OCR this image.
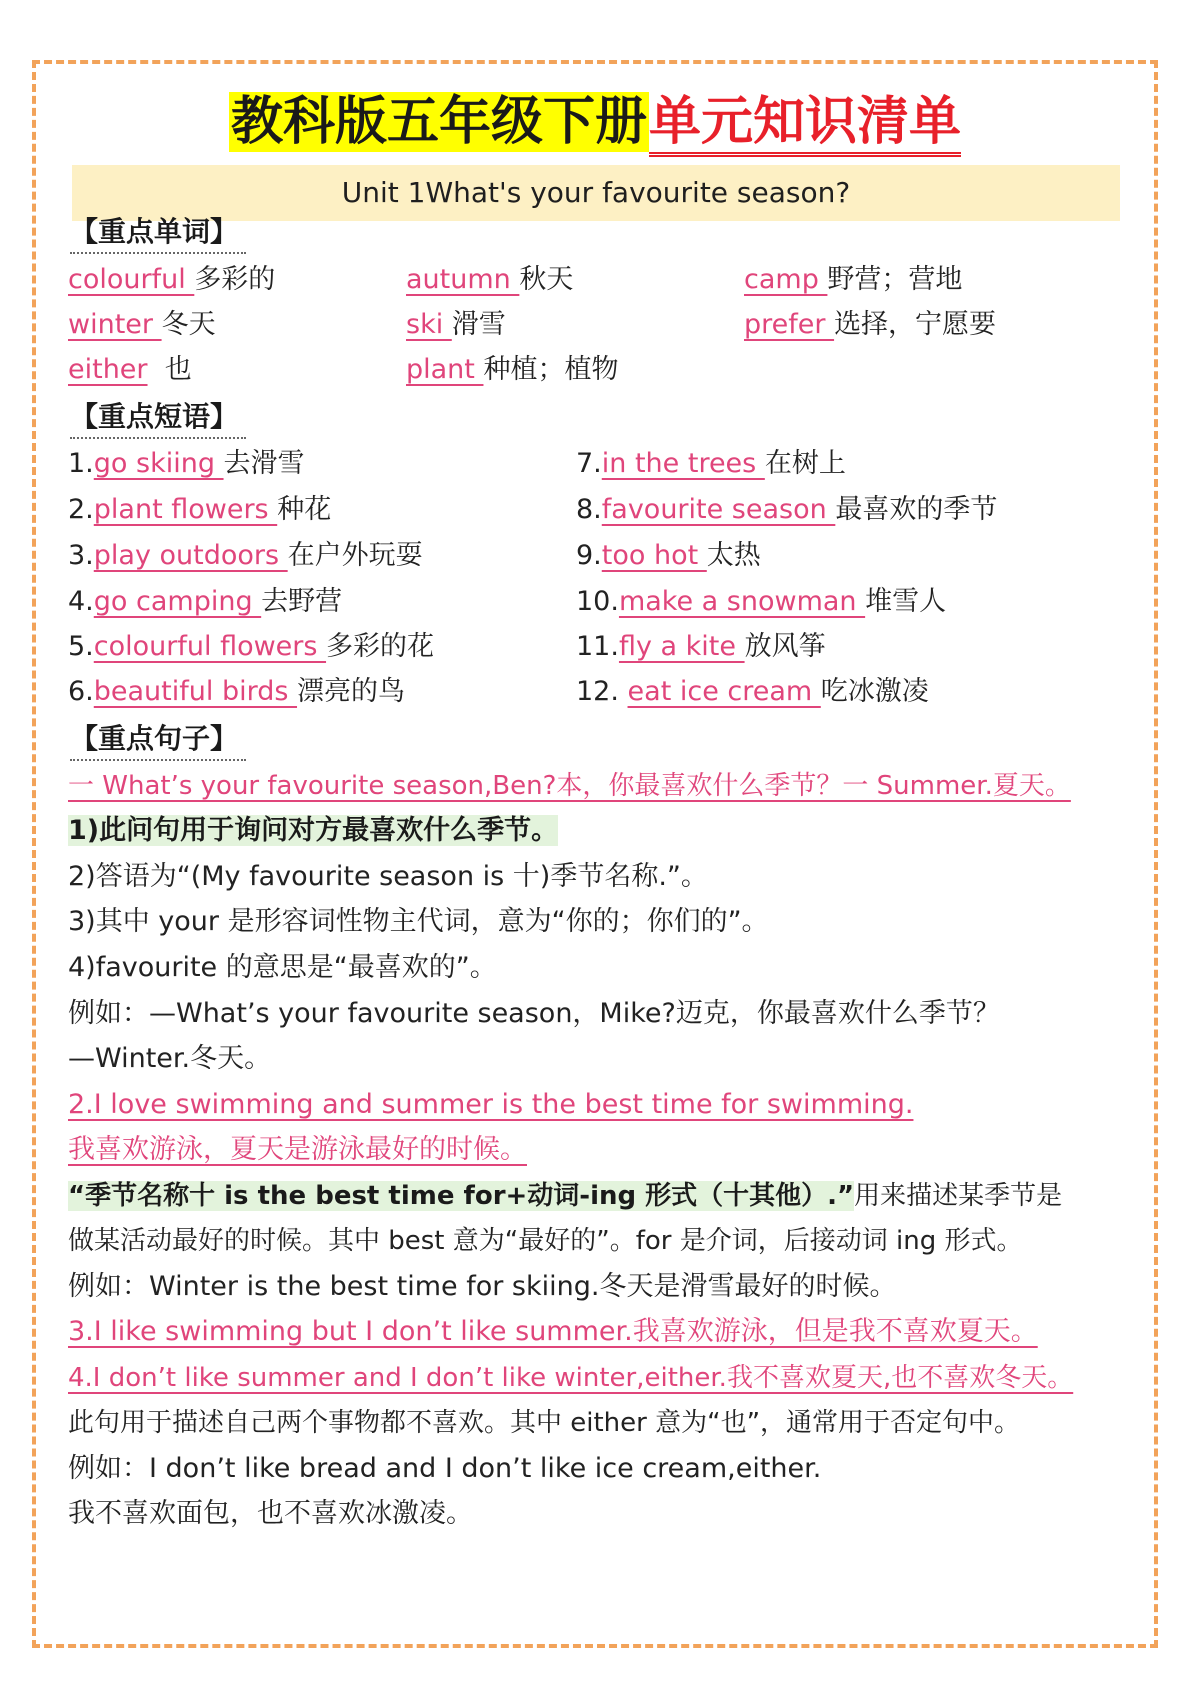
教科版五年级下册单元知识清单
Unit 1What's your favourite season?
【重点单词】
colourful 多彩的	autumn 秋天	camp 野营；营地
winter 冬天	ski 滑雪	prefer 选择，宁愿要
either  也	plant 种植；植物
【重点短语】
1.go skiing 去滑雪
2.plant flowers 种花
3.play outdoors 在户外玩耍
4.go camping 去野营
5.colourful flowers 多彩的花
6.beautiful birds 漂亮的鸟
7.in the trees 在树上
8.favourite season 最喜欢的季节
9.too hot 太热
10.make a snowman 堆雪人
11.fly a kite 放风筝
12. eat ice cream 吃冰激凌
【重点句子】
一 What’s your favourite season,Ben?本，你最喜欢什么季节？一 Summer.夏天。
1)此问句用于询问对方最喜欢什么季节。
2)答语为“(My favourite season is 十)季节名称.”。
3)其中 your 是形容词性物主代词，意为“你的；你们的”。
4)favourite 的意思是“最喜欢的”。
例如：—What’s your favourite season，Mike?迈克，你最喜欢什么季节？
—Winter.冬天。
2.I love swimming and summer is the best time for swimming.
我喜欢游泳，夏天是游泳最好的时候。
“季节名称十 is the best time for+动词-ing 形式（十其他）.”用来描述某季节是
做某活动最好的时候。其中 best 意为“最好的”。for 是介词，后接动词 ing 形式。
例如：Winter is the best time for skiing.冬天是滑雪最好的时候。
3.I like swimming but I don’t like summer.我喜欢游泳，但是我不喜欢夏天。
4.I don’t like summer and I don’t like winter,either.我不喜欢夏天,也不喜欢冬天。
此句用于描述自己两个事物都不喜欢。其中 either 意为“也”，通常用于否定句中。
例如：I don’t like bread and I don’t like ice cream,either.
我不喜欢面包，也不喜欢冰激凌。
